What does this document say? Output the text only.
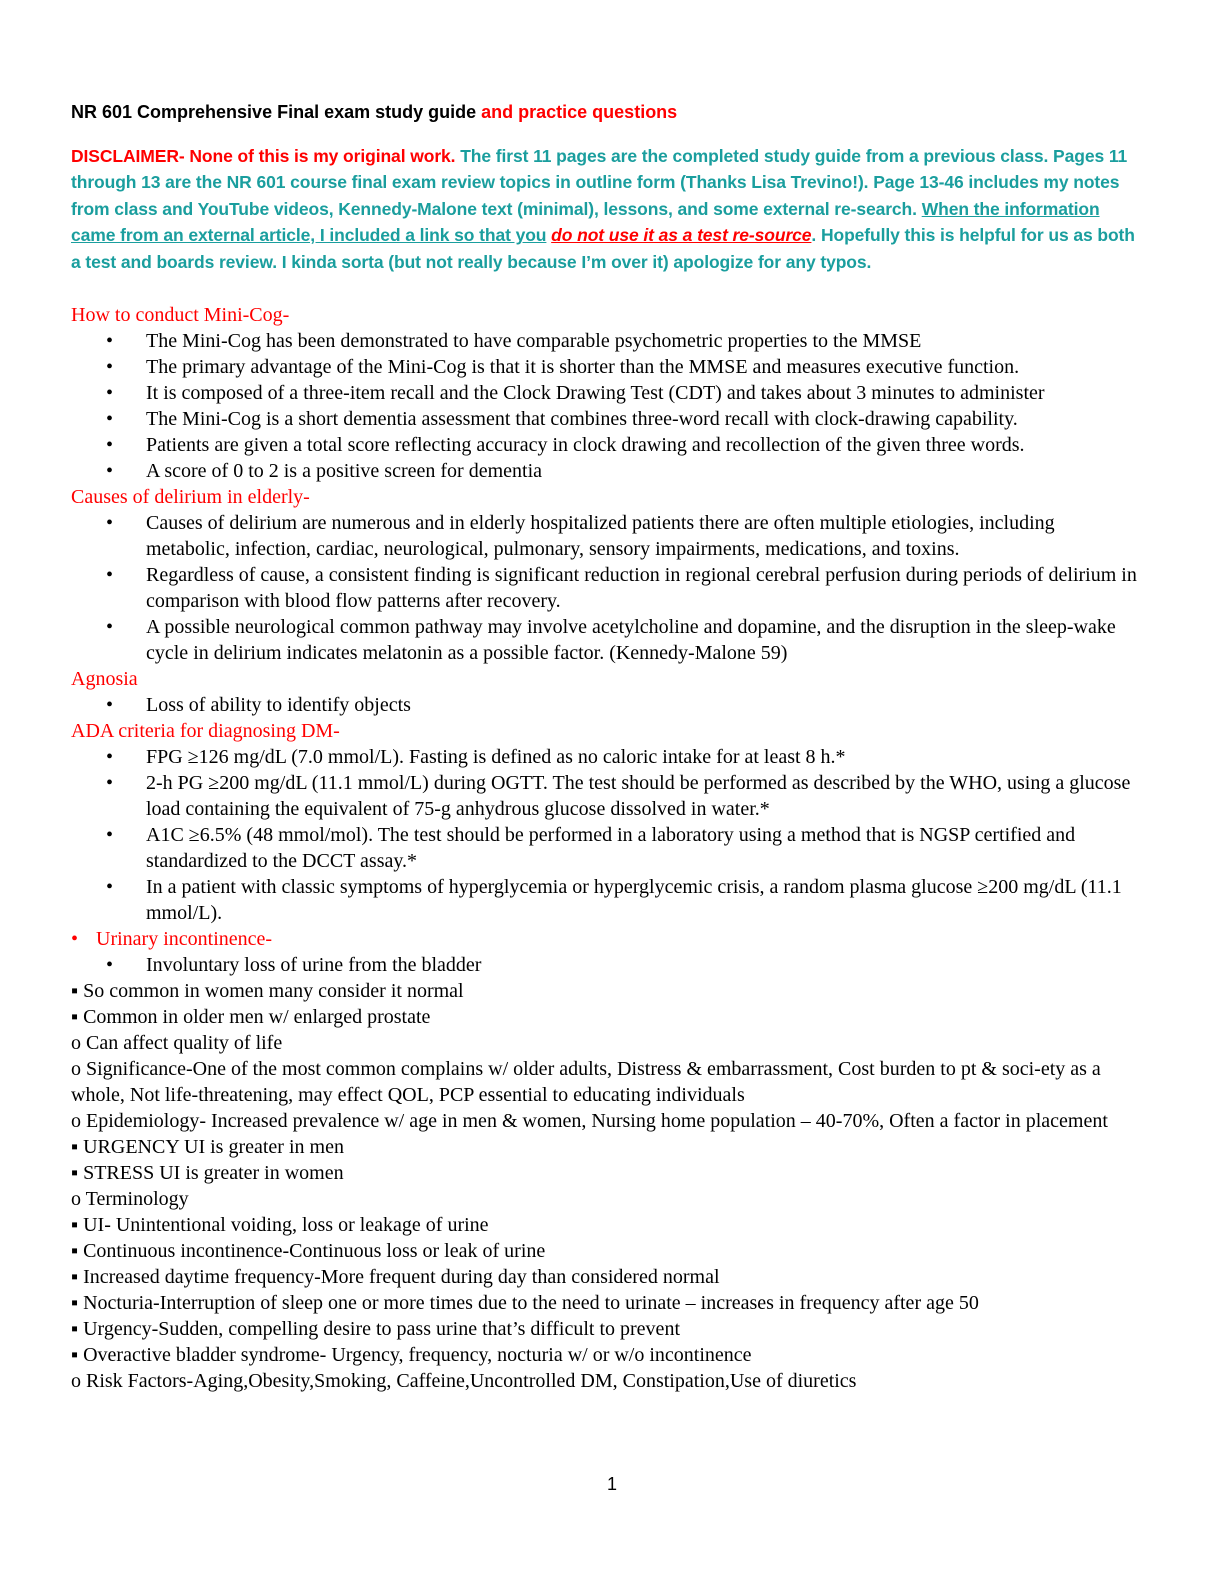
NR 601 Comprehensive Final exam study guide and practice questions

DISCLAIMER- None of this is my original work. The first 11 pages are the completed study guide from a previous class. Pages 11 through 13 are the NR 601 course final exam review topics in outline form (Thanks Lisa Trevino!). Page 13-46 includes my notes from class and YouTube videos, Kennedy-Malone text (minimal), lessons, and some external re-search. When the information came from an external article, I included a link so that you do not use it as a test re-source. Hopefully this is helpful for us as both a test and boards review. I kinda sorta (but not really because I’m over it) apologize for any typos.

How to conduct Mini-Cog-

• The Mini-Cog has been demonstrated to have comparable psychometric properties to the MMSE
• The primary advantage of the Mini-Cog is that it is shorter than the MMSE and measures executive function.
• It is composed of a three-item recall and the Clock Drawing Test (CDT) and takes about 3 minutes to administer
• The Mini-Cog is a short dementia assessment that combines three-word recall with clock-drawing capability.
• Patients are given a total score reflecting accuracy in clock drawing and recollection of the given three words.
• A score of 0 to 2 is a positive screen for dementia

Causes of delirium in elderly-

• Causes of delirium are numerous and in elderly hospitalized patients there are often multiple etiologies, including metabolic, infection, cardiac, neurological, pulmonary, sensory impairments, medications, and toxins.
• Regardless of cause, a consistent finding is significant reduction in regional cerebral perfusion during periods of delirium in comparison with blood flow patterns after recovery.
• A possible neurological common pathway may involve acetylcholine and dopamine, and the disruption in the sleep-wake cycle in delirium indicates melatonin as a possible factor. (Kennedy-Malone 59)

Agnosia

• Loss of ability to identify objects

ADA criteria for diagnosing DM-

• FPG ≥126 mg/dL (7.0 mmol/L). Fasting is defined as no caloric intake for at least 8 h.*
• 2-h PG ≥200 mg/dL (11.1 mmol/L) during OGTT. The test should be performed as described by the WHO, using a glucose load containing the equivalent of 75-g anhydrous glucose dissolved in water.*
• A1C ≥6.5% (48 mmol/mol). The test should be performed in a laboratory using a method that is NGSP certified and standardized to the DCCT assay.*
• In a patient with classic symptoms of hyperglycemia or hyperglycemic crisis, a random plasma glucose ≥200 mg/dL (11.1 mmol/L).

• Urinary incontinence-

• Involuntary loss of urine from the bladder

▪ So common in women many consider it normal

▪ Common in older men w/ enlarged prostate

o Can affect quality of life

o Significance-One of the most common complains w/ older adults, Distress & embarrassment, Cost burden to pt & soci-ety as a whole, Not life-threatening, may effect QOL, PCP essential to educating individuals

o Epidemiology- Increased prevalence w/ age in men & women, Nursing home population – 40-70%, Often a factor in placement

▪ URGENCY UI is greater in men

▪ STRESS UI is greater in women

o Terminology

▪ UI- Unintentional voiding, loss or leakage of urine

▪ Continuous incontinence-Continuous loss or leak of urine

▪ Increased daytime frequency-More frequent during day than considered normal

▪ Nocturia-Interruption of sleep one or more times due to the need to urinate – increases in frequency after age 50

▪ Urgency-Sudden, compelling desire to pass urine that’s difficult to prevent

▪ Overactive bladder syndrome- Urgency, frequency, nocturia w/ or w/o incontinence

o Risk Factors-Aging,Obesity,Smoking, Caffeine,Uncontrolled DM, Constipation,Use of diuretics

1
